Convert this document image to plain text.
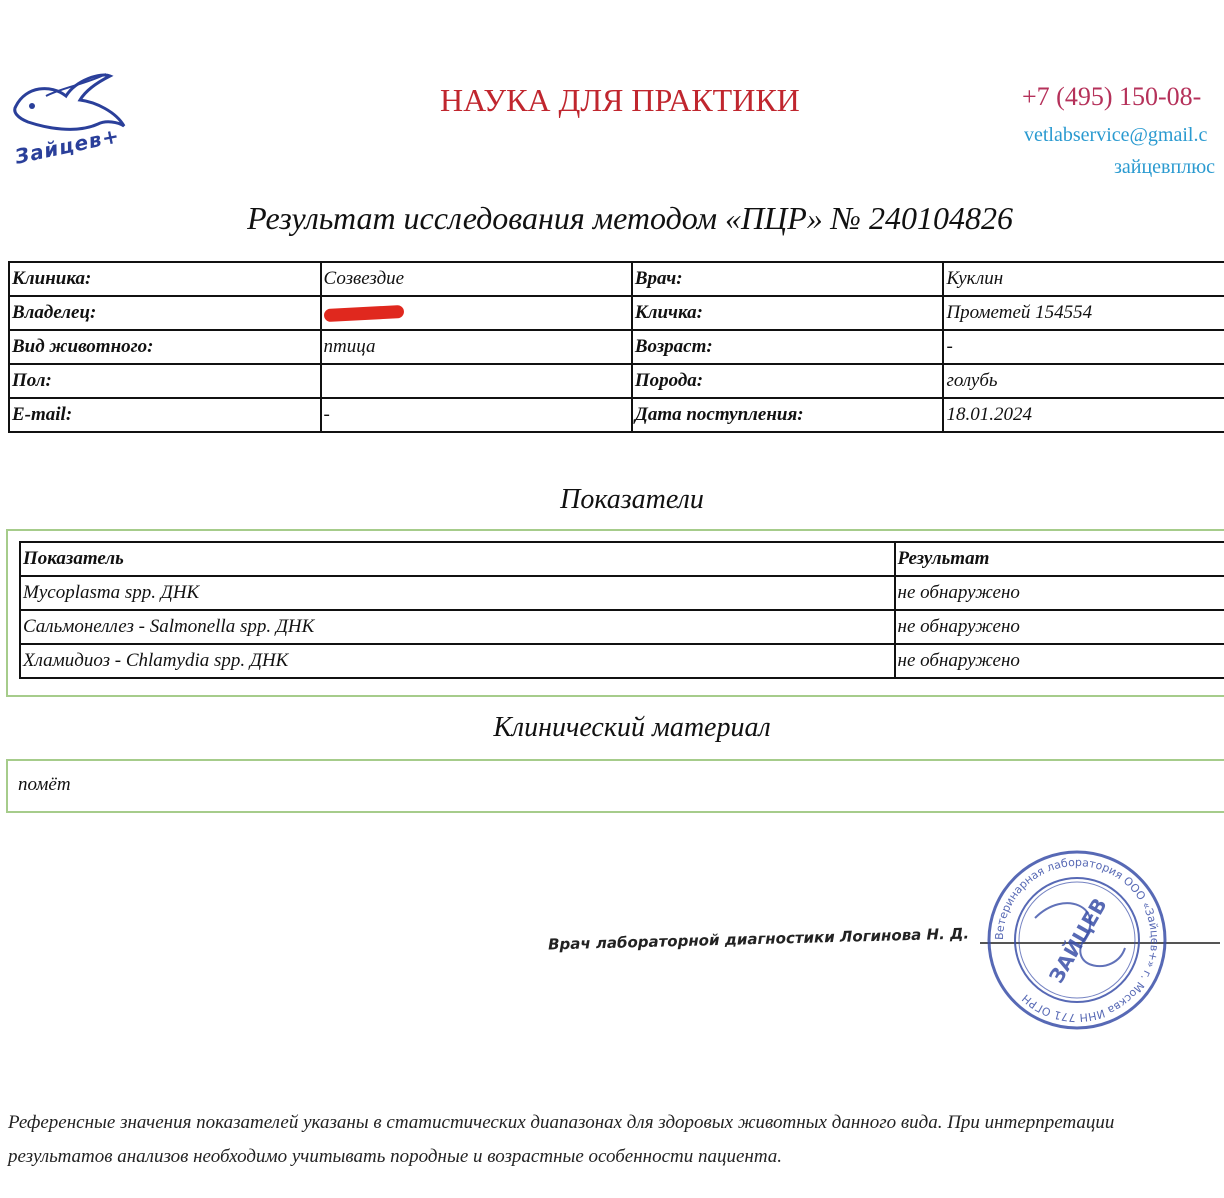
Зайцев+
НАУКА ДЛЯ ПРАКТИКИ	+7 (495) 150-08-
vetlabservice@gmail.c
зайцевплюс
Результат исследования методом «ПЦР» № 240104826
Клиника:	Созвездие	Врач:	Куклин
Владелец:		Кличка:	Прометей 154554
Вид животного:	птица	Возраст:	-
Пол:		Порода:	голубь
E-mail:	-	Дата поступления:	18.01.2024
Показатели
Показатель	Результат
Mycoplasma spp. ДНК	не обнаружено
Сальмонеллез - Salmonella spp. ДНК	не обнаружено
Хламидиоз - Chlamydia spp. ДНК	не обнаружено
Клинический материал
помёт
Врач лабораторной диагностики Логинова Н. Д. Ветеринарная лаборатория ООО «Зайцев+» г. Москва ИНН 771 ОГРН
ЗАЙЦЕВ
Референсные значения показателей указаны в статистических диапазонах для здоровых животных данного вида. При интерпретации результатов анализов необходимо учитывать породные и возрастные особенности пациента.
